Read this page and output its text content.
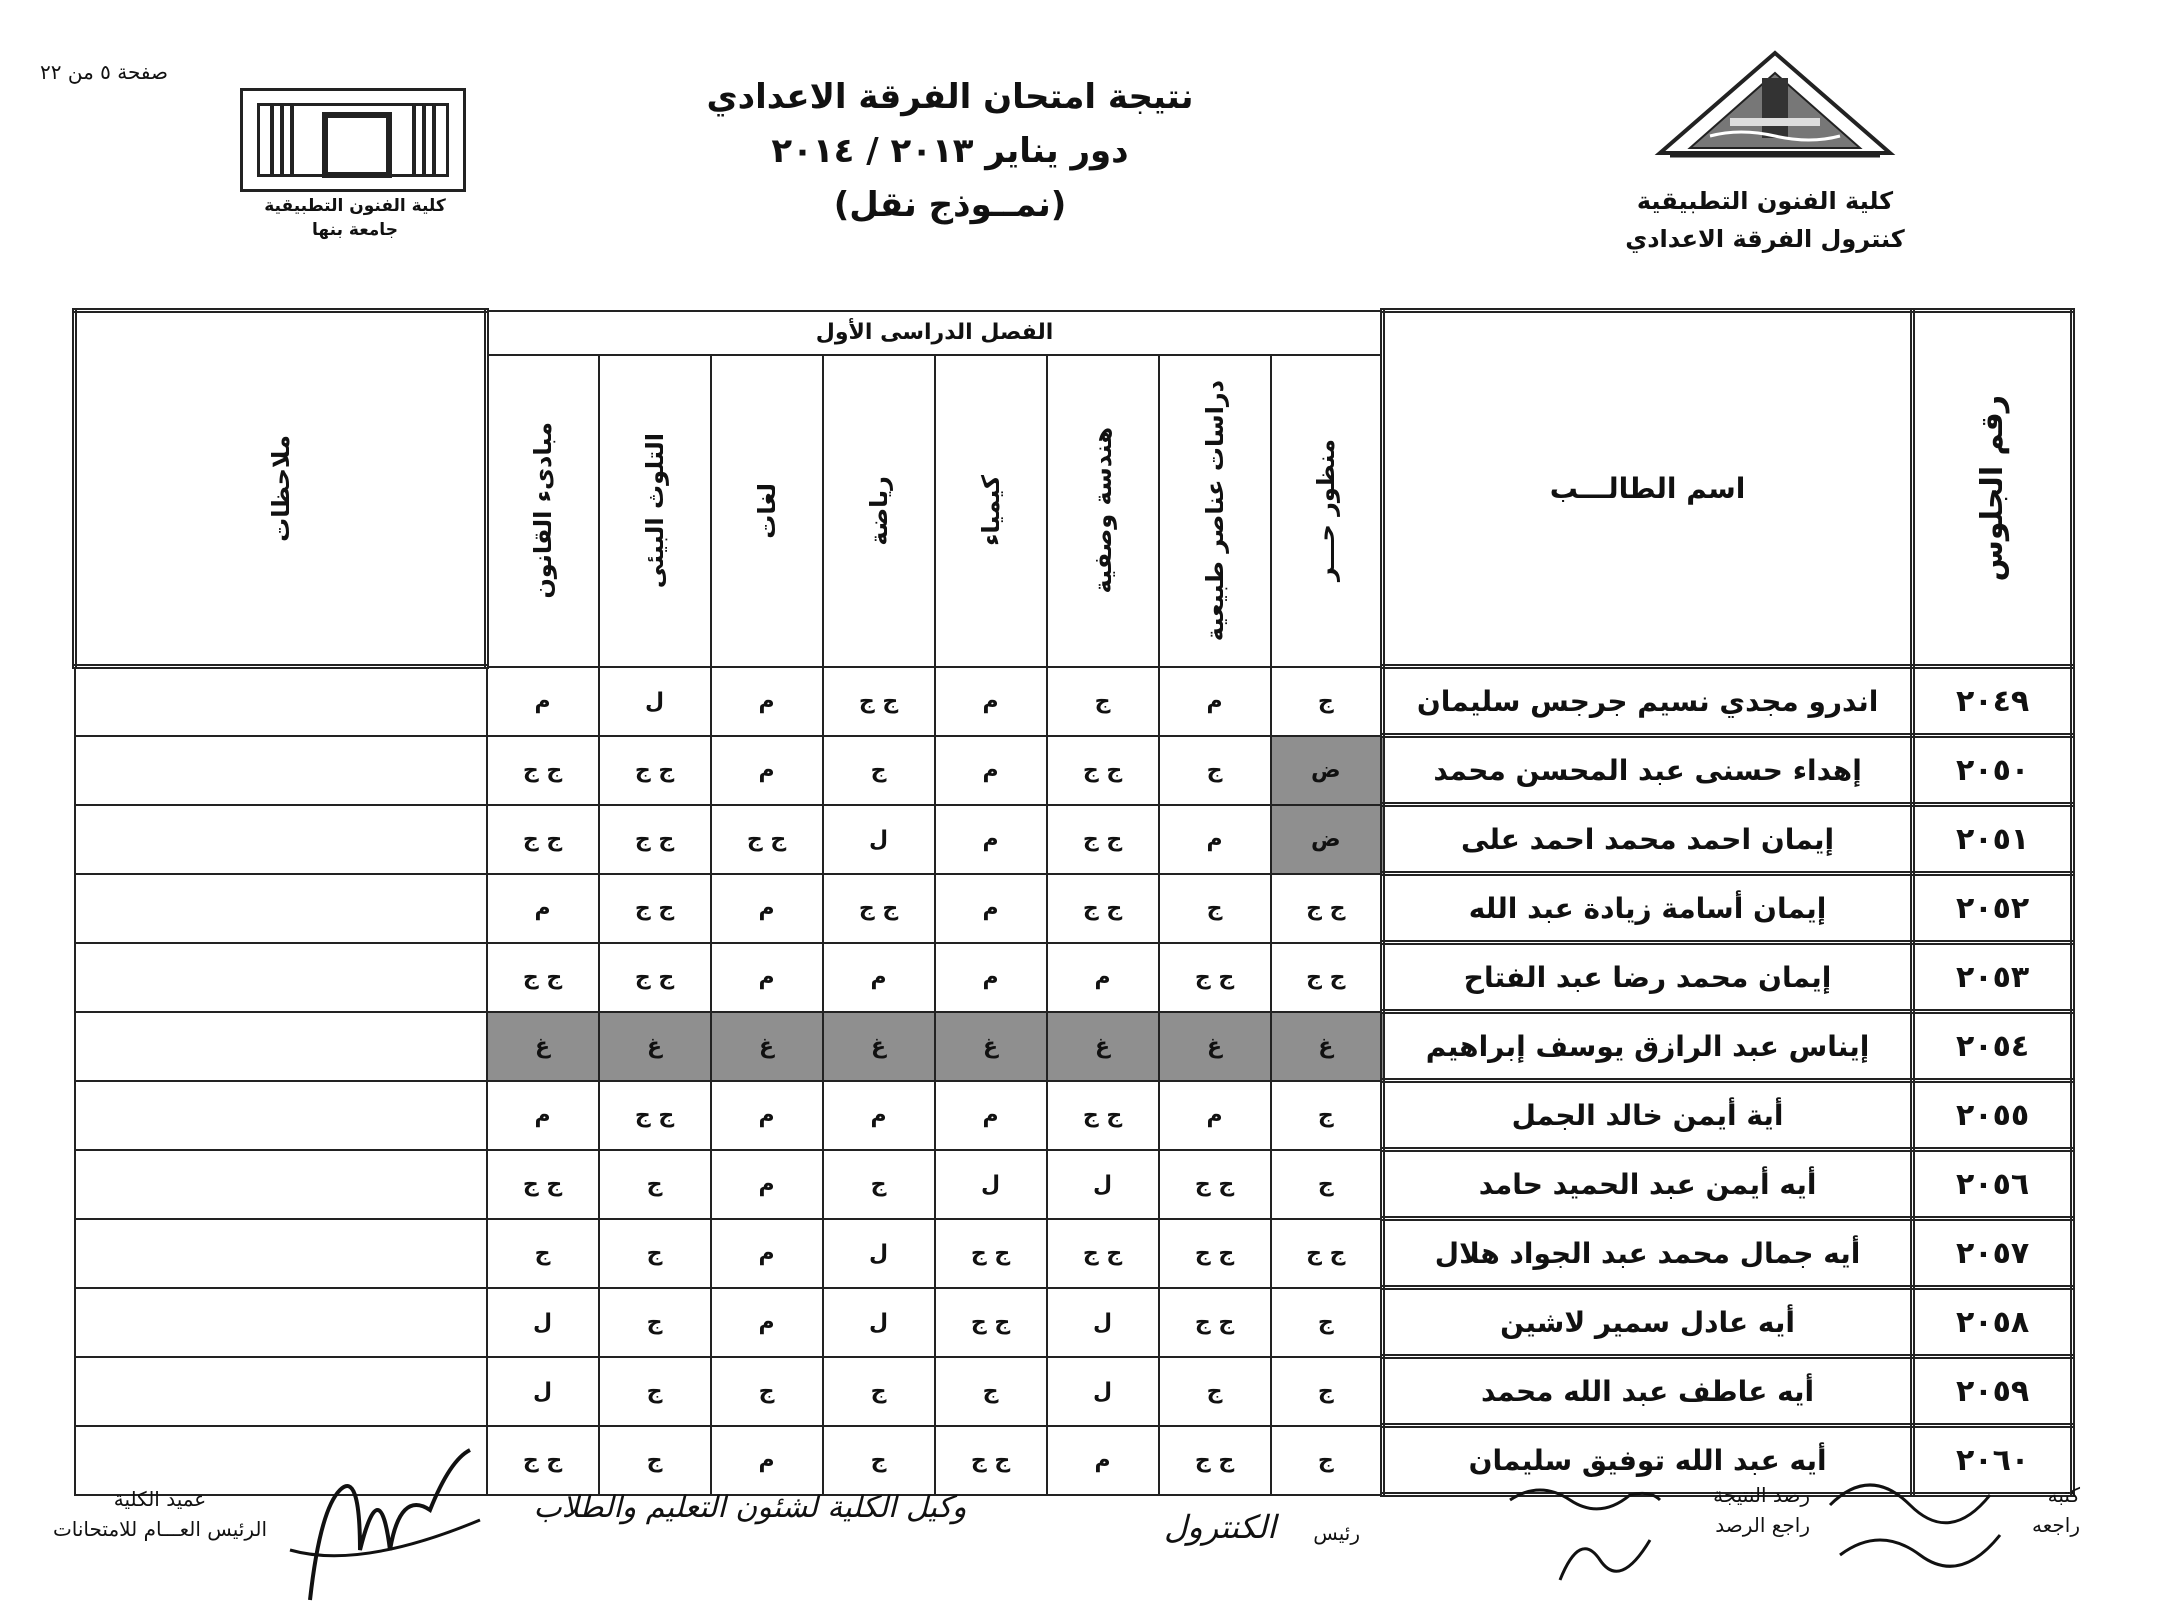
صفحة ٥ من ٢٢
كلية الفنون التطبيقية
جامعة بنها
نتيجة امتحان الفرقة الاعدادي
دور يناير ٢٠١٣ / ٢٠١٤
(نمــوذج نقل)	كلية الفنون التطبيقية
كنترول الفرقة الاعدادي
ملاحظات	الفصل الدراسى الأول								اسم الطالـــب	رقم الجلوس

	مبادىء القانون	التلوث البيئى	لغات	رياضة	كيمياء	هندسة وصفية	دراسات عناصر طبيعية	منظور حـــر		

	م	ل	م	ج ج	م	ج	م	ج	اندرو مجدي نسيم جرجس سليمان	٢٠٤٩
	ج ج	ج ج	م	ج	م	ج ج	ج	ض	إهداء حسنى عبد المحسن محمد	٢٠٥٠
	ج ج	ج ج	ج ج	ل	م	ج ج	م	ض	إيمان احمد محمد احمد على	٢٠٥١
	م	ج ج	م	ج ج	م	ج ج	ج	ج ج	إيمان أسامة زيادة عبد الله	٢٠٥٢
	ج ج	ج ج	م	م	م	م	ج ج	ج ج	إيمان محمد رضا عبد الفتاح	٢٠٥٣
	غ	غ	غ	غ	غ	غ	غ	غ	إيناس عبد الرازق يوسف إبراهيم	٢٠٥٤
	م	ج ج	م	م	م	ج ج	م	ج	أية أيمن خالد الجمل	٢٠٥٥
	ج ج	ج	م	ج	ل	ل	ج ج	ج	أيه أيمن عبد الحميد حامد	٢٠٥٦
	ج	ج	م	ل	ج ج	ج ج	ج ج	ج ج	أيه جمال محمد عبد الجواد هلال	٢٠٥٧
	ل	ج	م	ل	ج ج	ل	ج ج	ج	أيه عادل سمير لاشين	٢٠٥٨
	ل	ج	ج	ج	ج	ل	ج	ج	أيه عاطف عبد الله محمد	٢٠٥٩
	ج ج	ج	م	ج	ج ج	م	ج ج	ج	أيه عبد الله توفيق سليمان	٢٠٦٠
عميد الكلية
الرئيس العـــام للامتحانات
وكيل الكلية لشئون التعليم والطلاب
رئيس
الكنترول
كتبه
راجعه
رصد النتيجة
راجع الرصد
